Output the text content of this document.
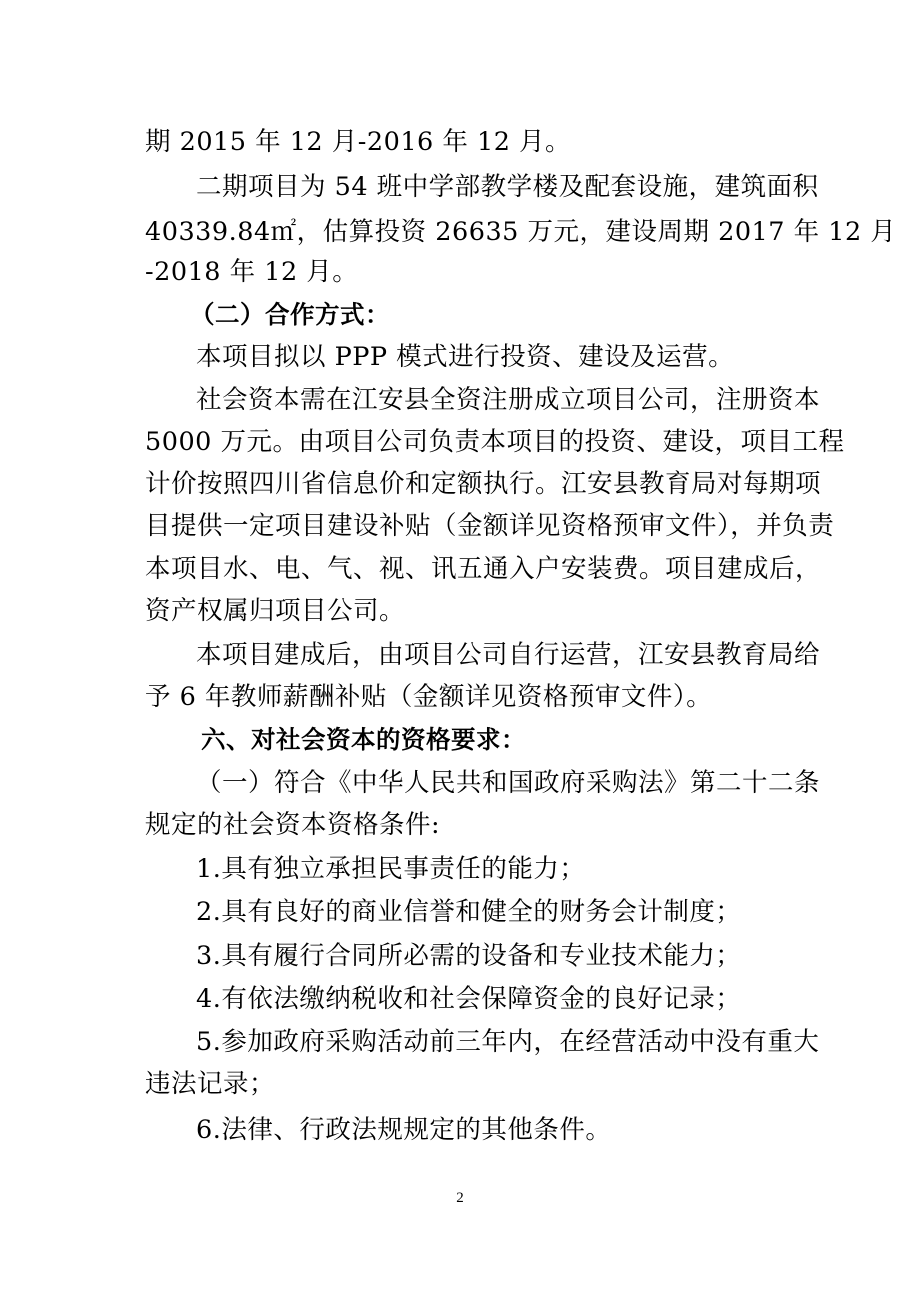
期 2015 年 12 月-2016 年 12 月。
二期项目为 54 班中学部教学楼及配套设施，建筑面积
40339.84㎡，估算投资 26635 万元，建设周期 2017 年 12 月
-2018 年 12 月。
（二）合作方式：
本项目拟以 PPP 模式进行投资、建设及运营。
社会资本需在江安县全资注册成立项目公司，注册资本
5000 万元。由项目公司负责本项目的投资、建设，项目工程
计价按照四川省信息价和定额执行。江安县教育局对每期项
目提供一定项目建设补贴（金额详见资格预审文件），并负责
本项目水、电、气、视、讯五通入户安装费。项目建成后，
资产权属归项目公司。
本项目建成后，由项目公司自行运营，江安县教育局给
予 6 年教师薪酬补贴（金额详见资格预审文件）。
六、对社会资本的资格要求：
（一）符合《中华人民共和国政府采购法》第二十二条
规定的社会资本资格条件:
1.具有独立承担民事责任的能力；
2.具有良好的商业信誉和健全的财务会计制度；
3.具有履行合同所必需的设备和专业技术能力；
4.有依法缴纳税收和社会保障资金的良好记录；
5.参加政府采购活动前三年内，在经营活动中没有重大
违法记录；
6.法律、行政法规规定的其他条件。
2
